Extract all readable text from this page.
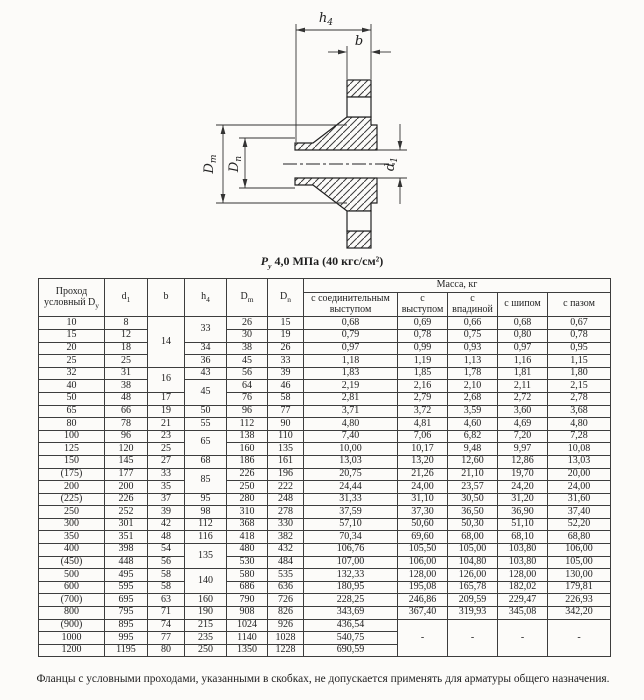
$h_4$
b
$D_m$
$D_n$
$d_1$
$P_у$ 4,0 МПа (40 кгс/см²)
Проход условный $D_у$	$d_1$	b	$h_4$	$D_m$	$D_n$	Масса, кг				
						с соединительным выступом	с выступом	с впадиной	с шипом	с пазом
10	8	14	33	26	15	0,68	0,69	0,66	0,68	0,67
15	12			30	19	0,79	0,78	0,75	0,80	0,78
20	18		34	38	26	0,97	0,99	0,93	0,97	0,95
25	25		36	45	33	1,18	1,19	1,13	1,16	1,15
32	31	16	43	56	39	1,83	1,85	1,78	1,81	1,80
40	38		45	64	46	2,19	2,16	2,10	2,11	2,15
50	48	17		76	58	2,81	2,79	2,68	2,72	2,78
65	66	19	50	96	77	3,71	3,72	3,59	3,60	3,68
80	78	21	55	112	90	4,80	4,81	4,60	4,69	4,80
100	96	23	65	138	110	7,40	7,06	6,82	7,20	7,28
125	120	25		160	135	10,00	10,17	9,48	9,97	10,08
150	145	27	68	186	161	13,03	13,20	12,60	12,86	13,03
(175)	177	33	85	226	196	20,75	21,26	21,10	19,70	20,00
200	200	35		250	222	24,44	24,00	23,57	24,20	24,00
(225)	226	37	95	280	248	31,33	31,10	30,50	31,20	31,60
250	252	39	98	310	278	37,59	37,30	36,50	36,90	37,40
300	301	42	112	368	330	57,10	50,60	50,30	51,10	52,20
350	351	48	116	418	382	70,34	69,60	68,00	68,10	68,80
400	398	54	135	480	432	106,76	105,50	105,00	103,80	106,00
(450)	448	56		530	484	107,00	106,00	104,80	103,80	105,00
500	495	58	140	580	535	132,33	128,00	126,00	128,00	130,00
600	595	58		686	636	180,95	195,08	165,78	182,02	179,81
(700)	695	63	160	790	726	228,25	246,86	209,59	229,47	226,93
800	795	71	190	908	826	343,69	367,40	319,93	345,08	342,20
(900)	895	74	215	1024	926	436,54	-	-	-	-
1000	995	77	235	1140	1028	540,75				
1200	1195	80	250	1350	1228	690,59				
Фланцы с условными проходами, указанными в скобках, не допускается применять для арматуры общего назначения.
